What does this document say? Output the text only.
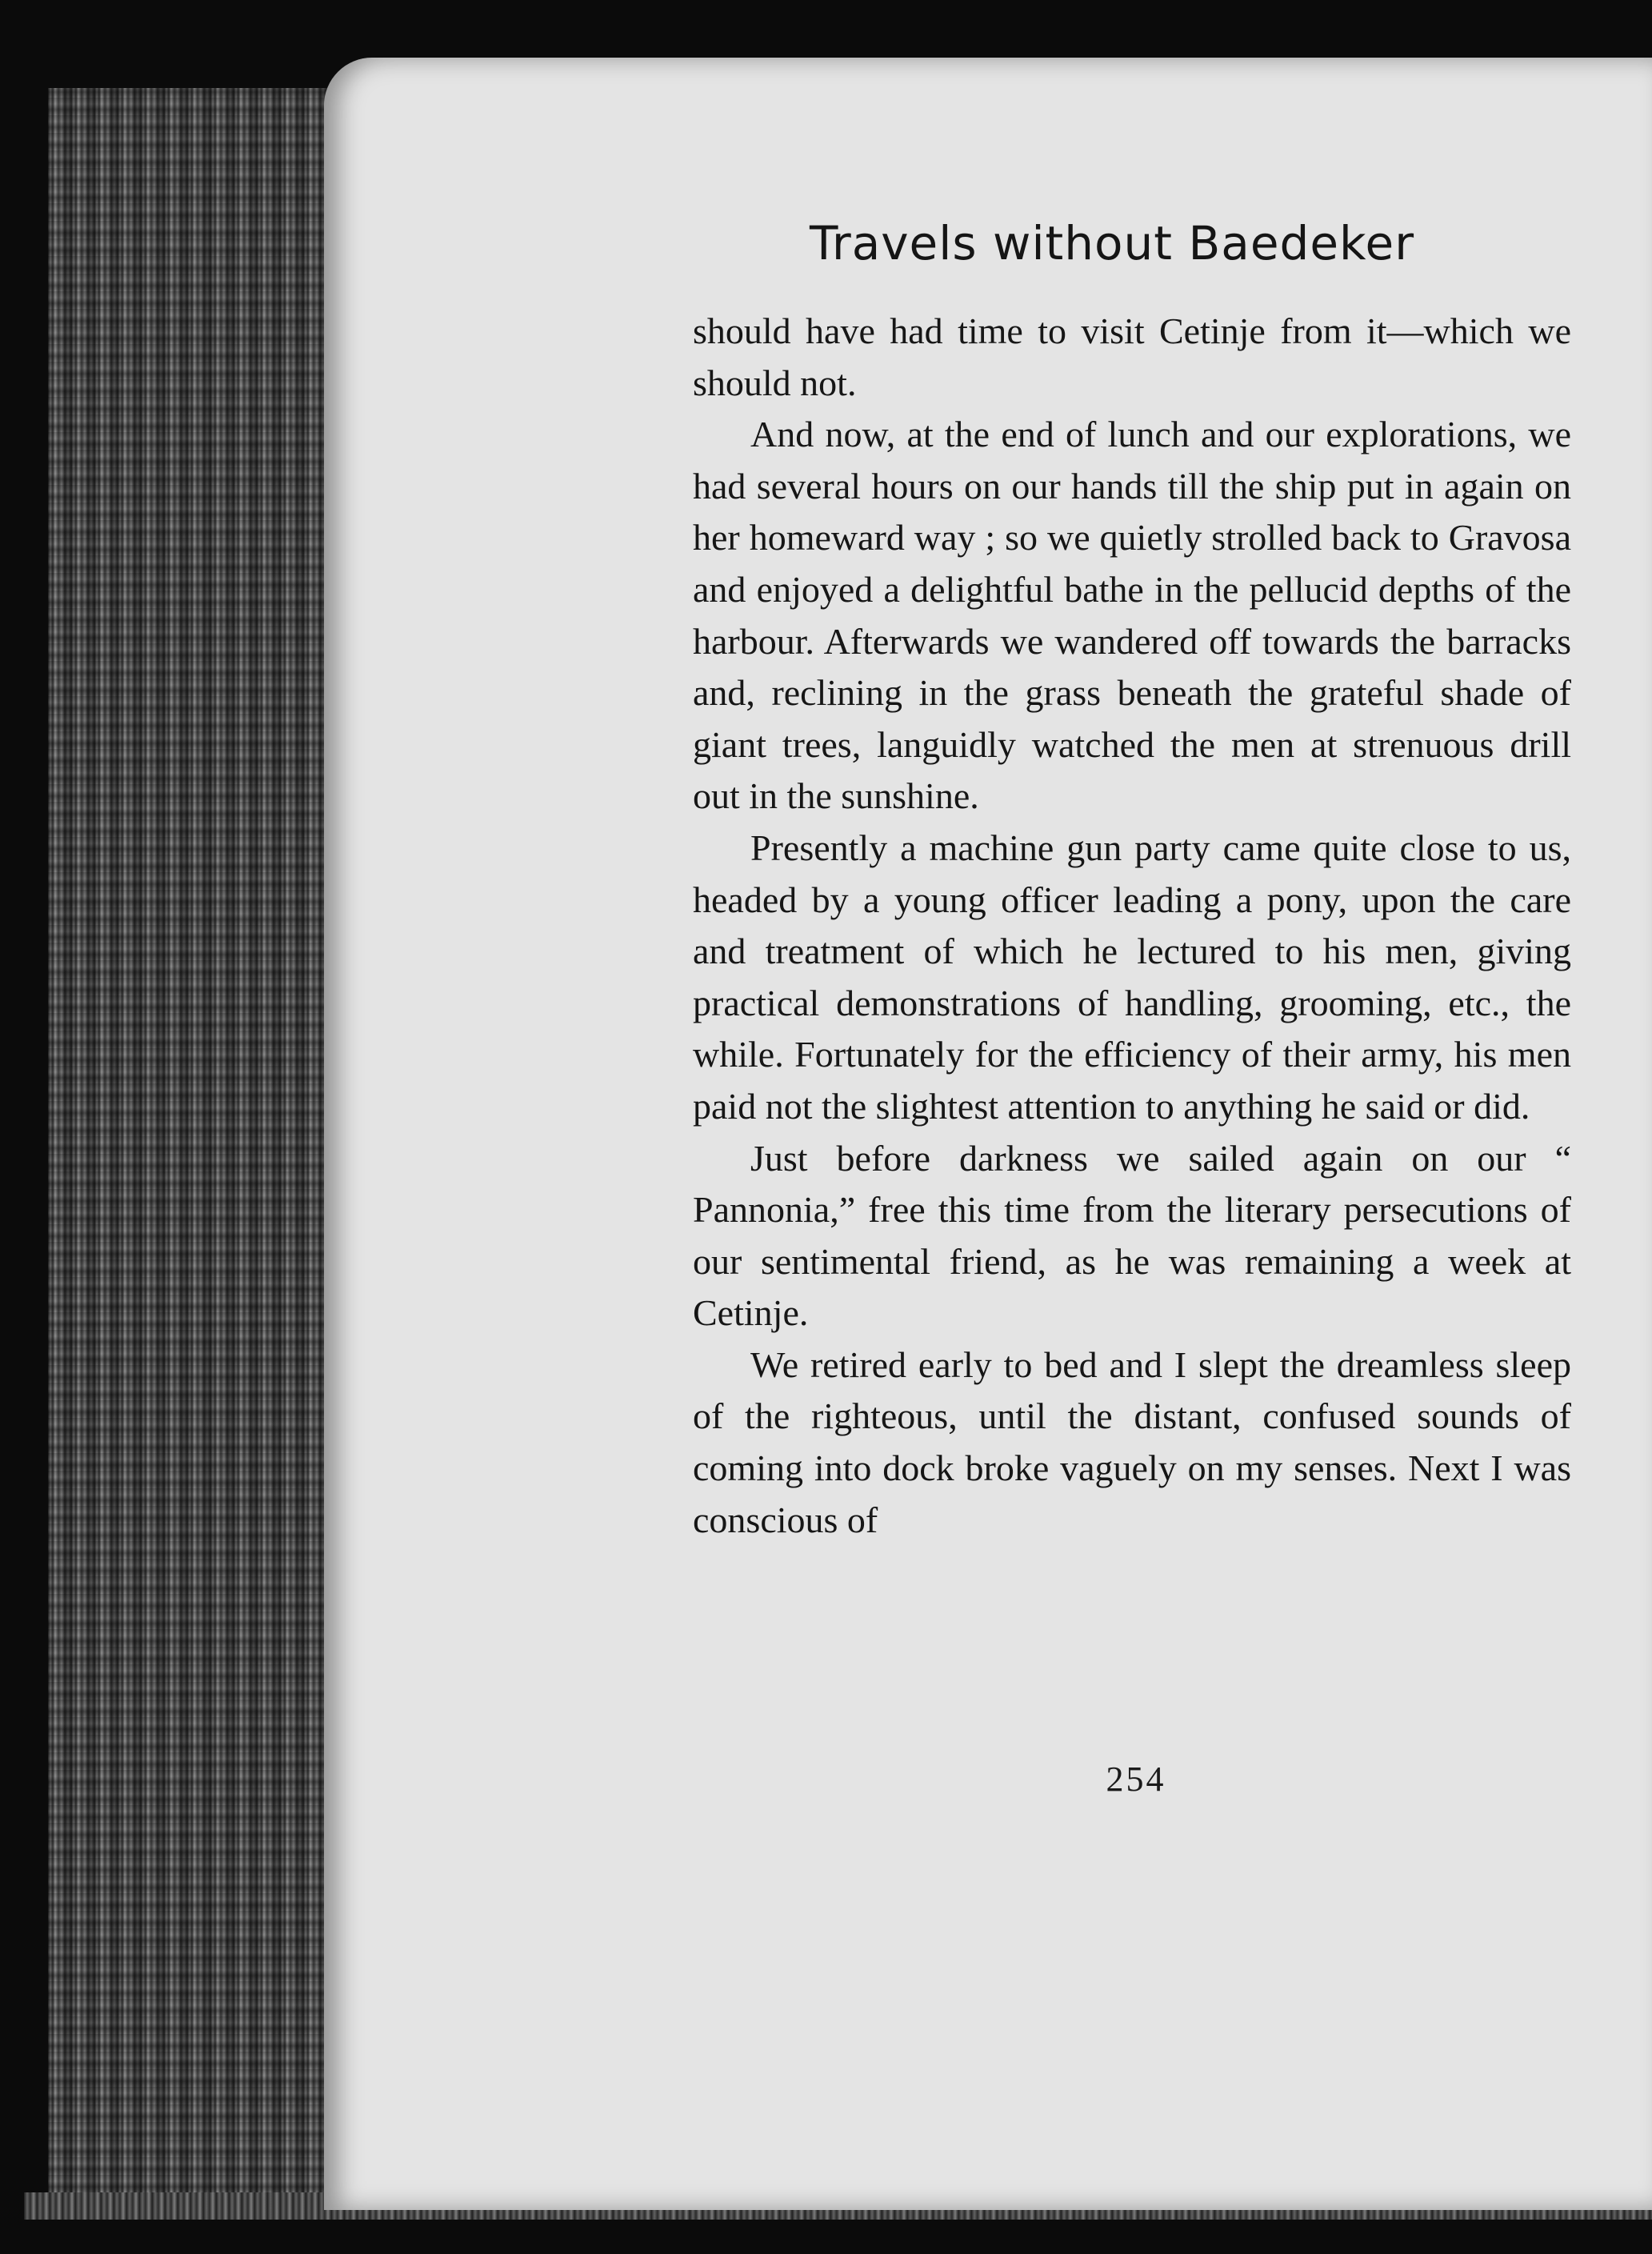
Travels without Baedeker

should have had time to visit Cetinje from it—which we should not.

And now, at the end of lunch and our explorations, we had several hours on our hands till the ship put in again on her homeward way ; so we quietly strolled back to Gravosa and enjoyed a delightful bathe in the pellucid depths of the harbour. Afterwards we wandered off towards the barracks and, reclining in the grass beneath the grateful shade of giant trees, languidly watched the men at strenuous drill out in the sunshine.

Presently a machine gun party came quite close to us, headed by a young officer leading a pony, upon the care and treatment of which he lectured to his men, giving practical demonstrations of handling, grooming, etc., the while. Fortunately for the efficiency of their army, his men paid not the slightest attention to anything he said or did.

Just before darkness we sailed again on our “ Pannonia,” free this time from the literary persecutions of our sentimental friend, as he was remaining a week at Cetinje.

We retired early to bed and I slept the dreamless sleep of the righteous, until the distant, confused sounds of coming into dock broke vaguely on my senses. Next I was conscious of

254
